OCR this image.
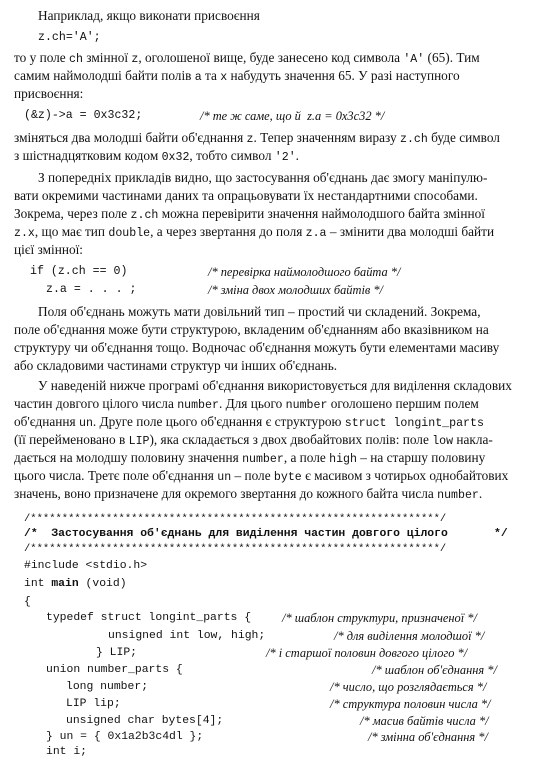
Наприклад, якщо виконати присвоєння
z.ch='A';
то у поле ch змінної z, оголошеної вище, буде занесено код символа 'A' (65). Тим
самим наймолодші байти полів a та x набудуть значення 65. У разі наступного
присвоєння:
(&z)->a = 0x3c32;	/* те ж саме, що й  z.a = 0x3c32 */
зміняться два молодші байти об'єднання z. Тепер значенням виразу z.ch буде символ
з шістнадцятковим кодом 0x32, тобто символ '2'.
З попередніх прикладів видно, що застосування об'єднань дає змогу маніпулю-
вати окремими частинами даних та опрацьовувати їх нестандартними способами.
Зокрема, через поле z.ch можна перевірити значення наймолодшого байта змінної
z.x, що має тип double, а через звертання до поля z.a – змінити два молодші байти
цієї змінної:
if (z.ch == 0)	/* перевірка наймолодшого байта */
z.a = . . . ;	/* зміна двох молодших байтів */
Поля об'єднань можуть мати довільний тип – простий чи складений. Зокрема,
поле об'єднання може бути структурою, вкладеним об'єднанням або вказівником на
структуру чи об'єднання тощо. Водночас об'єднання можуть бути елементами масиву
або складовими частинами структур чи інших об'єднань.
У наведеній нижче програмі об'єднання використовується для виділення складових
частин довгого цілого числа number. Для цього number оголошено першим полем
об'єднання un. Друге поле цього об'єднання є структурою struct longint_parts
(її перейменовано в LIP), яка складається з двох двобайтових полів: поле low накла-
дається на молодшу половину значення number, а поле high – на старшу половину
цього числа. Третє поле об'єднання un – поле byte є масивом з чотирьох однобайтових
значень, воно призначене для окремого звертання до кожного байта числа number.
/*****************************************************************/
/*  Застосування об'єднань для виділення частин довгого цілого	*/
/*****************************************************************/
#include <stdio.h>
int main (void)
{
typedef struct longint_parts { /* шаблон структури, призначеної */
unsigned int low, high;	/* для виділення молодшої */
} LIP;	/* і старшої половин довгого цілого */
union number_parts {	/* шаблон об'єднання */
long number;	/* число, що розглядається */
LIP lip;	/* структура половин числа */
unsigned char bytes[4];	/* масив байтів числа */
} un = { 0x1a2b3c4dl };	/* змінна об'єднання */
int i;
